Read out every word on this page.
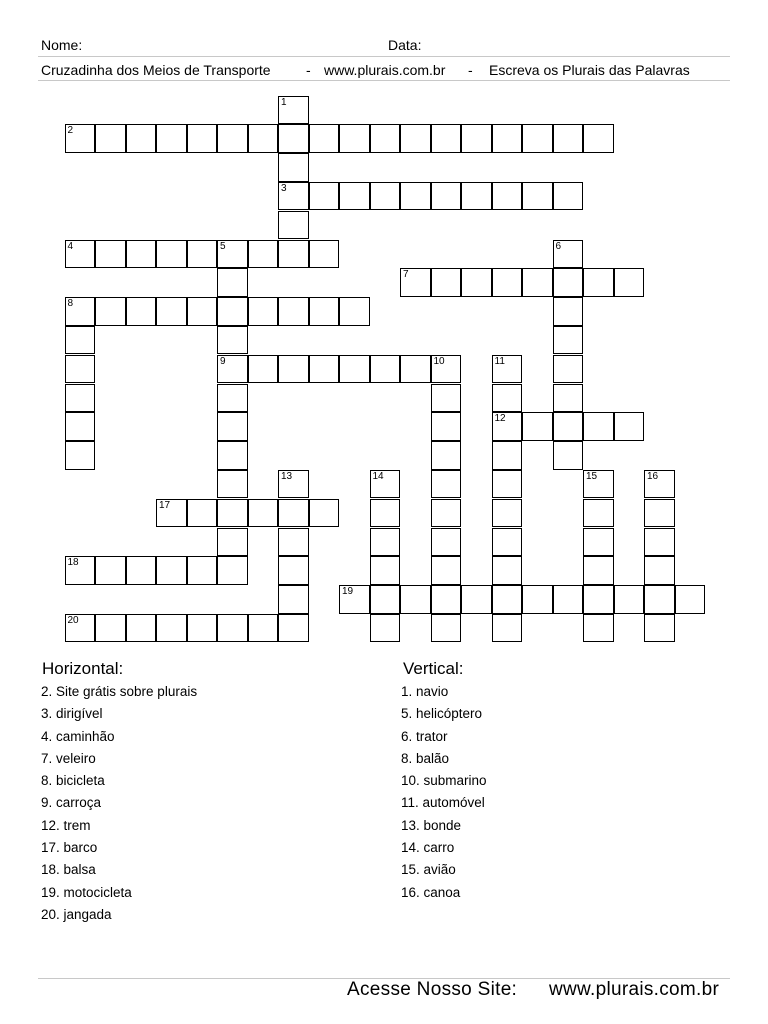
Nome:	Data:
Cruzadinha dos Meios de Transporte	- www.plurais.com.br - Escreva os Plurais das Palavras
1
3
2
4	5
9
6
7
8
10	11
12
13	14	15	16
17
18
19
20
Horizontal:
2. Site grátis sobre plurais
3. dirigível
4. caminhão
7. veleiro
8. bicicleta
9. carroça
12. trem
17. barco
18. balsa
19. motocicleta
20. jangada
Vertical:
1. navio
5. helicóptero
6. trator
8. balão
10. submarino
11. automóvel
13. bonde
14. carro
15. avião
16. canoa
Acesse Nosso Site: www.plurais.com.br
